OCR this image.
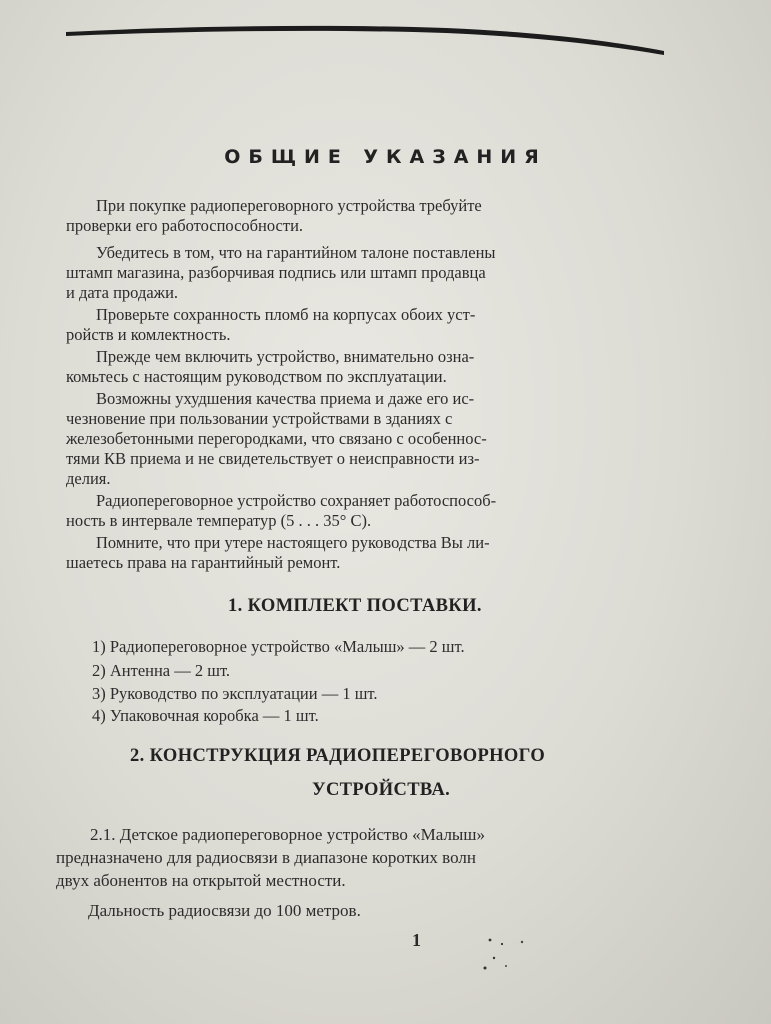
ОБЩИЕ УКАЗАНИЯ
При покупке радиопереговорного устройства требуйте
проверки его работоспособности.
Убедитесь в том, что на гарантийном талоне поставлены
штамп магазина, разборчивая подпись или штамп продавца
и дата продажи.
Проверьте сохранность пломб на корпусах обоих уст-
ройств и комлектность.
Прежде чем включить устройство, внимательно озна-
комьтесь с настоящим руководством по эксплуатации.
Возможны ухудшения качества приема и даже его ис-
чезновение при пользовании устройствами в зданиях с
железобетонными перегородками, что связано с особеннос-
тями КВ приема и не свидетельствует о неисправности из-
делия.
Радиопереговорное устройство сохраняет работоспособ-
ность в интервале температур (5 . . . 35° С).
Помните, что при утере настоящего руководства Вы ли-
шаетесь права на гарантийный ремонт.
1. КОМПЛЕКТ ПОСТАВКИ.
1) Радиопереговорное устройство «Малыш» — 2 шт.
2) Антенна — 2 шт.
3) Руководство по эксплуатации — 1 шт.
4) Упаковочная коробка — 1 шт.
2. КОНСТРУКЦИЯ РАДИОПЕРЕГОВОРНОГО
УСТРОЙСТВА.
2.1. Детское радиопереговорное устройство «Малыш»
предназначено для радиосвязи в диапазоне коротких волн
двух абонентов на открытой местности.
Дальность радиосвязи до 100 метров.
1
